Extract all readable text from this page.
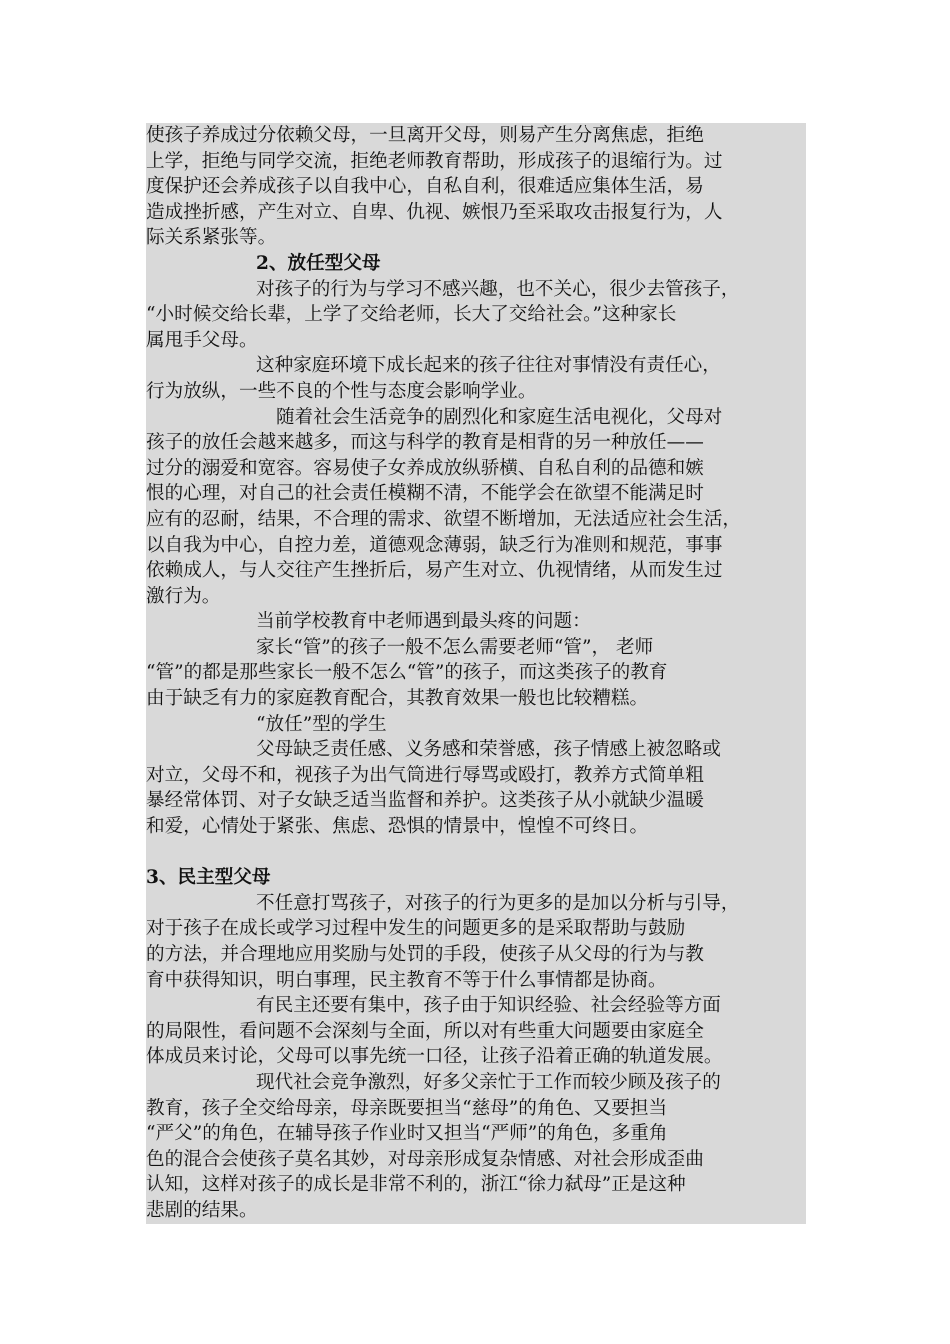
使孩子养成过分依赖父母，一旦离开父母，则易产生分离焦虑，拒绝
上学，拒绝与同学交流，拒绝老师教育帮助，形成孩子的退缩行为。过
度保护还会养成孩子以自我中心，自私自利，很难适应集体生活，易
造成挫折感，产生对立、自卑、仇视、嫉恨乃至采取攻击报复行为，人
际关系紧张等。
2、放任型父母
对孩子的行为与学习不感兴趣，也不关心，很少去管孩子，
“小时候交给长辈，上学了交给老师，长大了交给社会。”这种家长
属甩手父母。
这种家庭环境下成长起来的孩子往往对事情没有责任心，
行为放纵，一些不良的个性与态度会影响学业。
随着社会生活竞争的剧烈化和家庭生活电视化，父母对
孩子的放任会越来越多，而这与科学的教育是相背的另一种放任——
过分的溺爱和宽容。容易使子女养成放纵骄横、自私自利的品德和嫉
恨的心理，对自己的社会责任模糊不清，不能学会在欲望不能满足时
应有的忍耐，结果，不合理的需求、欲望不断增加，无法适应社会生活，
以自我为中心，自控力差，道德观念薄弱，缺乏行为准则和规范，事事
依赖成人，与人交往产生挫折后，易产生对立、仇视情绪，从而发生过
激行为。
当前学校教育中老师遇到最头疼的问题：
家长“管”的孩子一般不怎么需要老师“管”， 老师
“管”的都是那些家长一般不怎么“管”的孩子，而这类孩子的教育
由于缺乏有力的家庭教育配合，其教育效果一般也比较糟糕。
“放任”型的学生
父母缺乏责任感、义务感和荣誉感，孩子情感上被忽略或
对立，父母不和，视孩子为出气筒进行辱骂或殴打，教养方式简单粗
暴经常体罚、对子女缺乏适当监督和养护。这类孩子从小就缺少温暖
和爱，心情处于紧张、焦虑、恐惧的情景中，惶惶不可终日。
3、民主型父母
不任意打骂孩子，对孩子的行为更多的是加以分析与引导，
对于孩子在成长或学习过程中发生的问题更多的是采取帮助与鼓励
的方法，并合理地应用奖励与处罚的手段，使孩子从父母的行为与教
育中获得知识，明白事理，民主教育不等于什么事情都是协商。
有民主还要有集中，孩子由于知识经验、社会经验等方面
的局限性，看问题不会深刻与全面，所以对有些重大问题要由家庭全
体成员来讨论，父母可以事先统一口径，让孩子沿着正确的轨道发展。
现代社会竞争激烈，好多父亲忙于工作而较少顾及孩子的
教育，孩子全交给母亲，母亲既要担当“慈母”的角色、又要担当
“严父”的角色，在辅导孩子作业时又担当“严师”的角色，多重角
色的混合会使孩子莫名其妙，对母亲形成复杂情感、对社会形成歪曲
认知，这样对孩子的成长是非常不利的，浙江“徐力弑母”正是这种
悲剧的结果。
